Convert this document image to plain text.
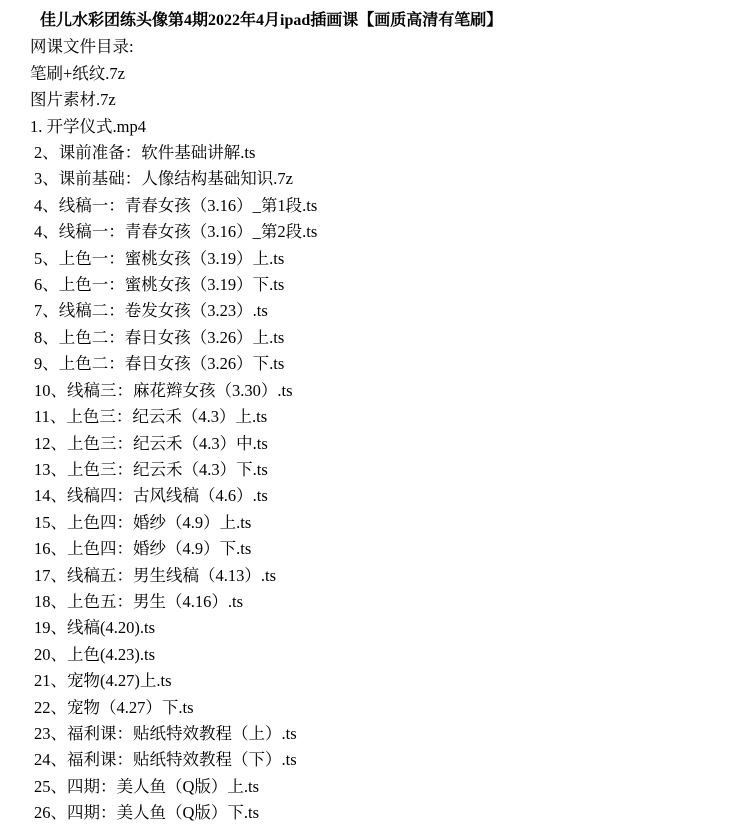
佳儿水彩团练头像第4期2022年4月ipad插画课【画质高清有笔刷】
网课文件目录:
笔刷+纸纹.7z
图片素材.7z
1. 开学仪式.mp4
2、课前准备：软件基础讲解.ts
3、课前基础：人像结构基础知识.7z
4、线稿一：青春女孩（3.16）_第1段.ts
4、线稿一：青春女孩（3.16）_第2段.ts
5、上色一：蜜桃女孩（3.19）上.ts
6、上色一：蜜桃女孩（3.19）下.ts
7、线稿二：卷发女孩（3.23）.ts
8、上色二：春日女孩（3.26）上.ts
9、上色二：春日女孩（3.26）下.ts
10、线稿三：麻花辫女孩（3.30）.ts
11、上色三：纪云禾（4.3）上.ts
12、上色三：纪云禾（4.3）中.ts
13、上色三：纪云禾（4.3）下.ts
14、线稿四：古风线稿（4.6）.ts
15、上色四：婚纱（4.9）上.ts
16、上色四：婚纱（4.9）下.ts
17、线稿五：男生线稿（4.13）.ts
18、上色五：男生（4.16）.ts
19、线稿(4.20).ts
20、上色(4.23).ts
21、宠物(4.27)上.ts
22、宠物（4.27）下.ts
23、福利课：贴纸特效教程（上）.ts
24、福利课：贴纸特效教程（下）.ts
25、四期：美人鱼（Q版）上.ts
26、四期：美人鱼（Q版）下.ts
